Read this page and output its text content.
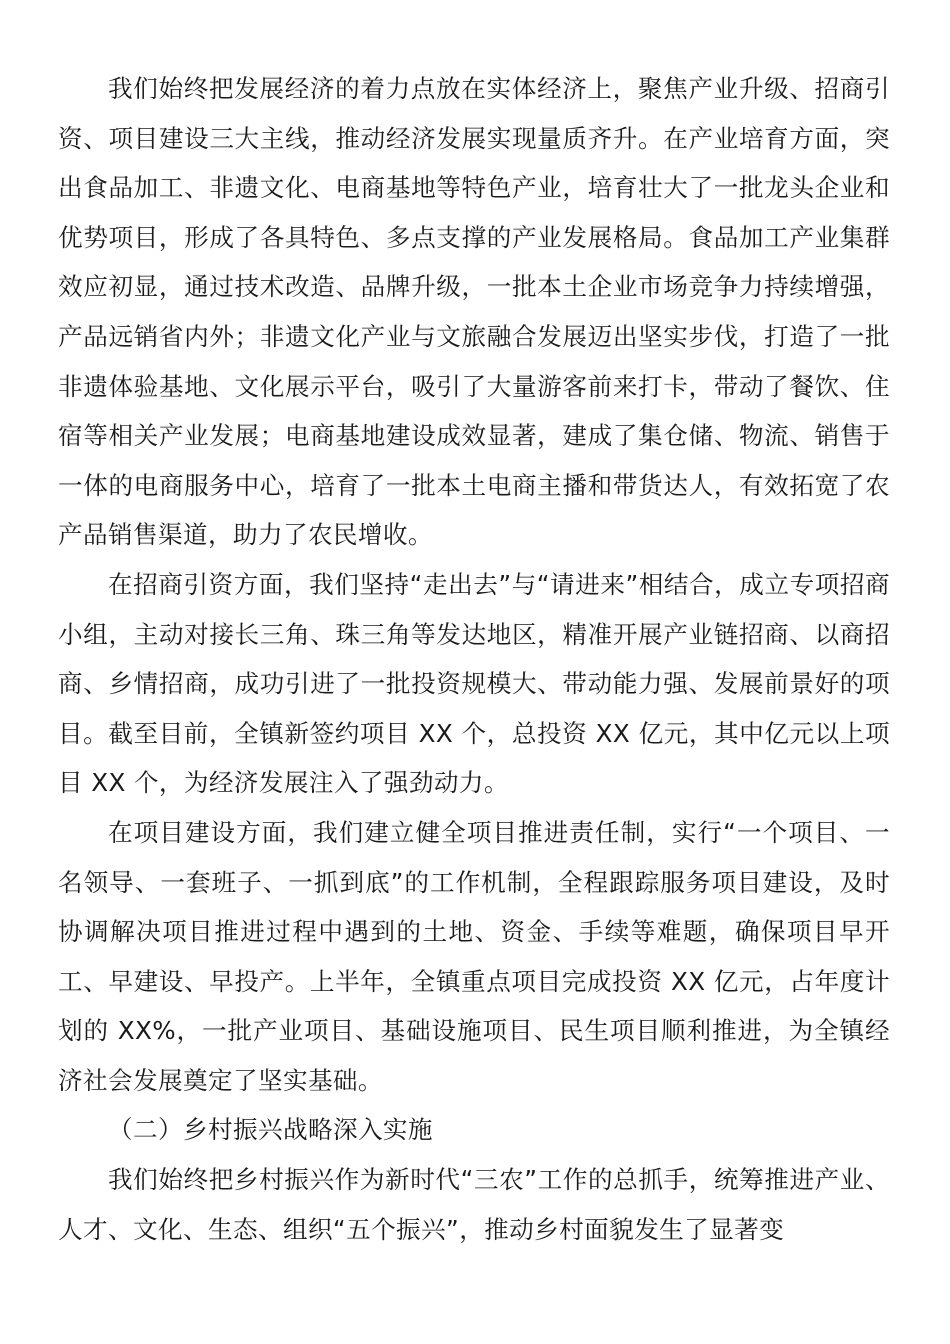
我们始终把发展经济的着力点放在实体经济上，聚焦产业升级、招商引资、项目建设三大主线，推动经济发展实现量质齐升。在产业培育方面，突出食品加工、非遗文化、电商基地等特色产业，培育壮大了一批龙头企业和优势项目，形成了各具特色、多点支撑的产业发展格局。食品加工产业集群效应初显，通过技术改造、品牌升级，一批本土企业市场竞争力持续增强，产品远销省内外；非遗文化产业与文旅融合发展迈出坚实步伐，打造了一批非遗体验基地、文化展示平台，吸引了大量游客前来打卡，带动了餐饮、住宿等相关产业发展；电商基地建设成效显著，建成了集仓储、物流、销售于一体的电商服务中心，培育了一批本土电商主播和带货达人，有效拓宽了农产品销售渠道，助力了农民增收。

在招商引资方面，我们坚持“走出去”与“请进来”相结合，成立专项招商小组，主动对接长三角、珠三角等发达地区，精准开展产业链招商、以商招商、乡情招商，成功引进了一批投资规模大、带动能力强、发展前景好的项目。截至目前，全镇新签约项目 XX 个，总投资 XX 亿元，其中亿元以上项目 XX 个，为经济发展注入了强劲动力。

在项目建设方面，我们建立健全项目推进责任制，实行“一个项目、一名领导、一套班子、一抓到底”的工作机制，全程跟踪服务项目建设，及时协调解决项目推进过程中遇到的土地、资金、手续等难题，确保项目早开工、早建设、早投产。上半年，全镇重点项目完成投资 XX 亿元，占年度计划的 XX%，一批产业项目、基础设施项目、民生项目顺利推进，为全镇经济社会发展奠定了坚实基础。

（二）乡村振兴战略深入实施

我们始终把乡村振兴作为新时代“三农”工作的总抓手，统筹推进产业、人才、文化、生态、组织“五个振兴”，推动乡村面貌发生了显著变
